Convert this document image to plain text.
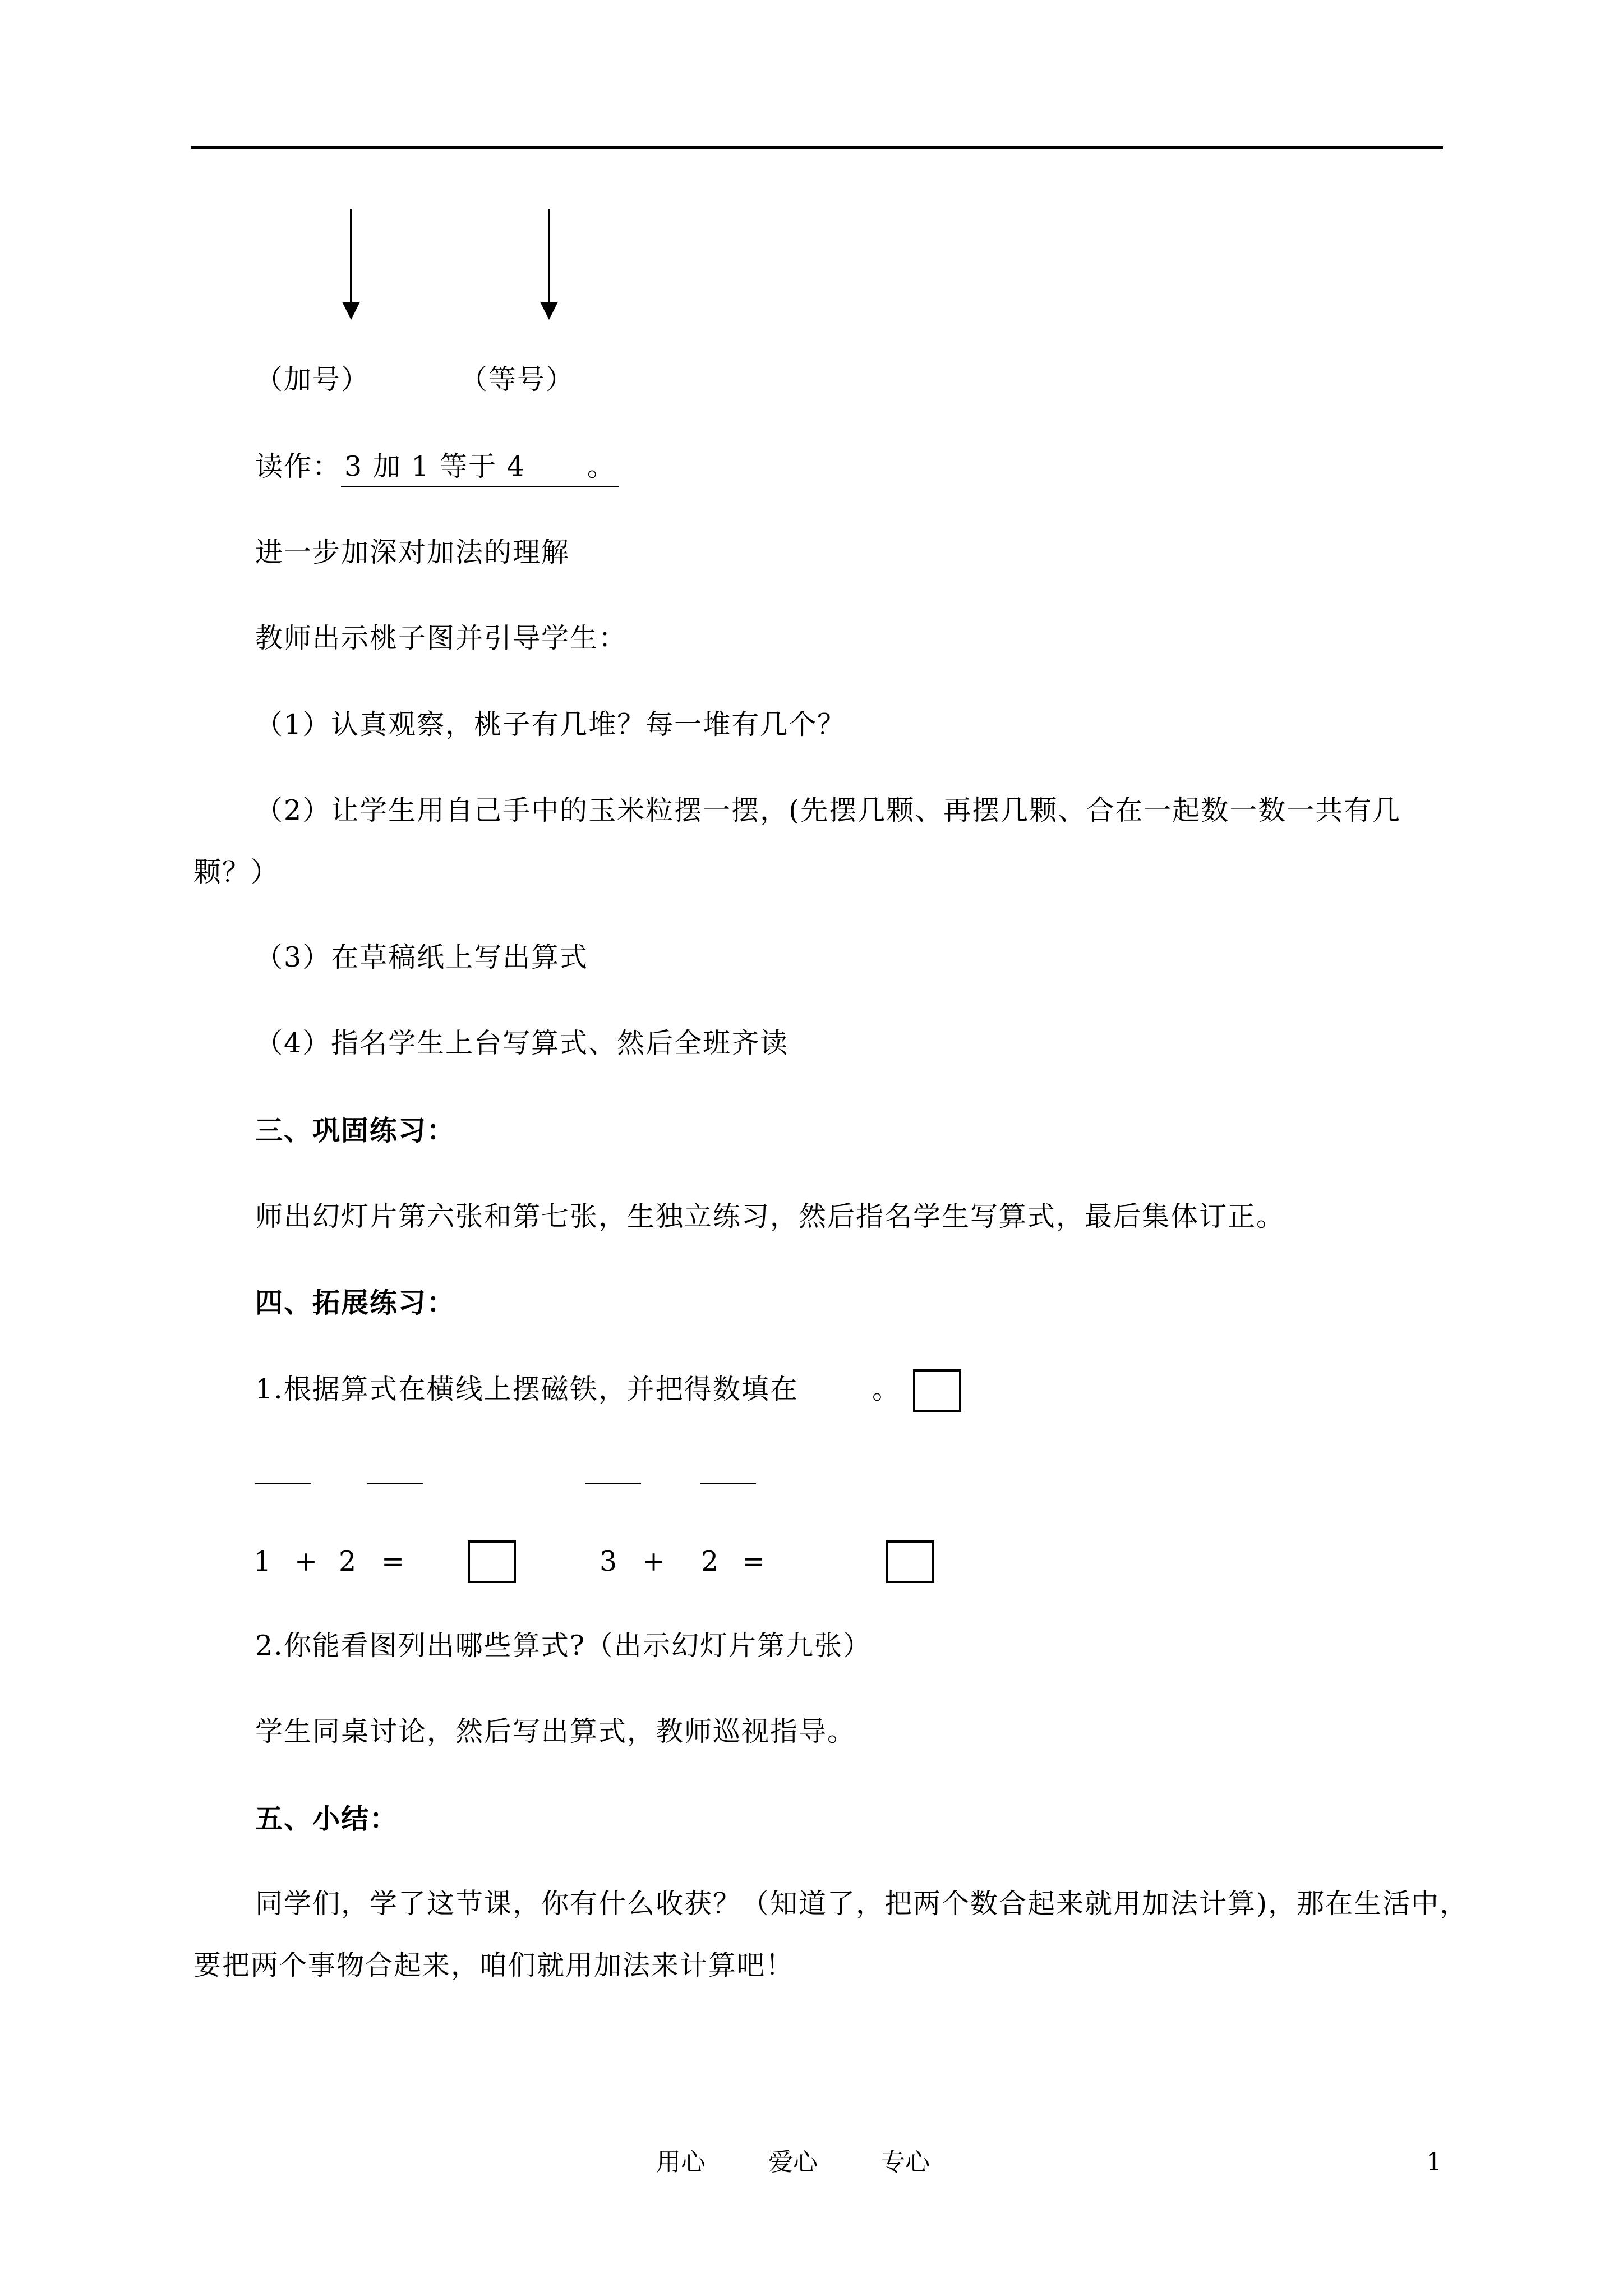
（加号）	（等号）
读作： 3 加 1 等于 4 。
进一步加深对加法的理解
教师出示桃子图并引导学生：
（1）认真观察，桃子有几堆？每一堆有几个？
（2）让学生用自己手中的玉米粒摆一摆，(先摆几颗、再摆几颗、合在一起数一数一共有几
颗？）
（3）在草稿纸上写出算式
（4）指名学生上台写算式、然后全班齐读
三、巩固练习：
师出幻灯片第六张和第七张，生独立练习，然后指名学生写算式，最后集体订正。
四、拓展练习：
1.根据算式在横线上摆磁铁，并把得数填在	。
1 + 2 =	3 + 2 =
2.你能看图列出哪些算式?（出示幻灯片第九张）
学生同桌讨论，然后写出算式，教师巡视指导。
五、小结：
同学们，学了这节课，你有什么收获？（知道了，把两个数合起来就用加法计算)，那在生活中，
要把两个事物合起来，咱们就用加法来计算吧！
用心	爱心	专心	1
